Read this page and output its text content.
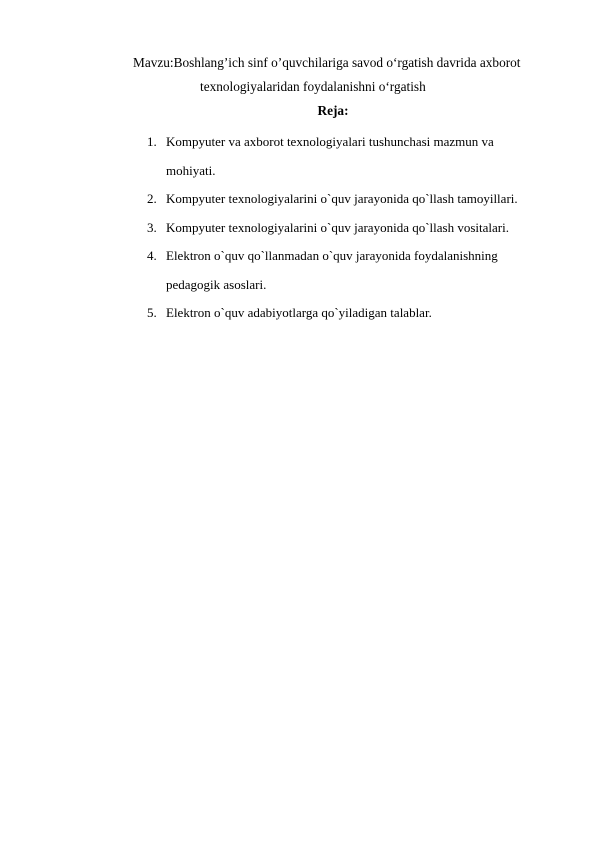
Mavzu:Boshlang’ich sinf o’quvchilariga savod o‘rgatish davrida axborot
texnologiyalaridan foydalanishni o‘rgatish
Reja:
1. Kompyuter va axborot texnologiyalari tushunchasi mazmun va
mohiyati.
2. Kompyuter texnologiyalarini o`quv jarayonida qo`llash tamoyillari.
3. Kompyuter texnologiyalarini o`quv jarayonida qo`llash vositalari.
4. Elektron o`quv qo`llanmadan o`quv jarayonida foydalanishning
pedagogik asoslari.
5. Elektron o`quv adabiyotlarga qo`yiladigan talablar.
